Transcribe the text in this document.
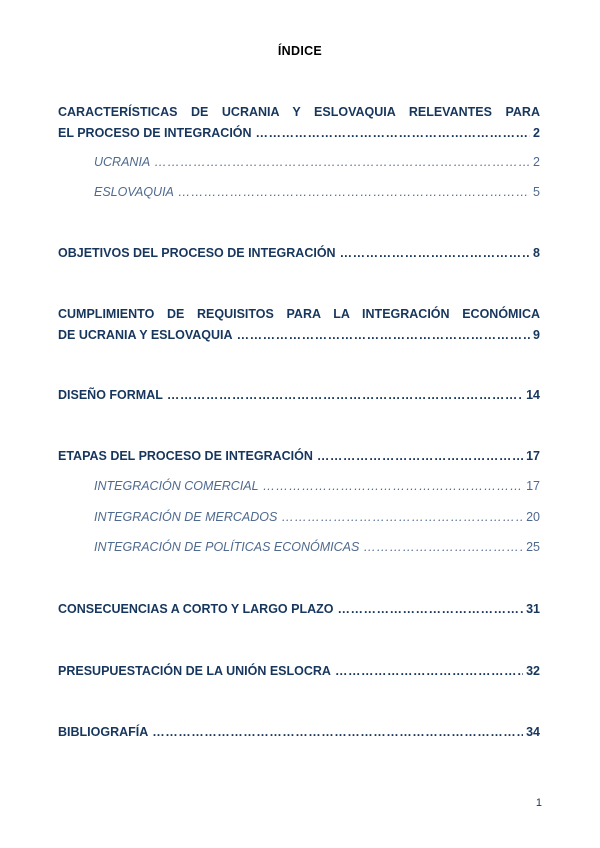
ÍNDICE
CARACTERÍSTICAS DE UCRANIA Y ESLOVAQUIA RELEVANTES PARA
EL PROCESO DE INTEGRACIÓN ……………………………………………………………………………………………………………………………………………………	2
UCRANIA ……………………………………………………………………………………………………………………………………………………	2
ESLOVAQUIA ……………………………………………………………………………………………………………………………………………………	5
OBJETIVOS DEL PROCESO DE INTEGRACIÓN ……………………………………………………………………………………………………………………………………………………	8
CUMPLIMIENTO DE REQUISITOS PARA LA INTEGRACIÓN ECONÓMICA
DE UCRANIA Y ESLOVAQUIA ……………………………………………………………………………………………………………………………………………………	9
DISEÑO FORMAL ……………………………………………………………………………………………………………………………………………………	14
ETAPAS DEL PROCESO DE INTEGRACIÓN ……………………………………………………………………………………………………………………………………………………	17
INTEGRACIÓN COMERCIAL ……………………………………………………………………………………………………………………………………………………	17
INTEGRACIÓN DE MERCADOS ……………………………………………………………………………………………………………………………………………………	20
INTEGRACIÓN DE POLÍTICAS ECONÓMICAS ……………………………………………………………………………………………………………………………………………………	25
CONSECUENCIAS A CORTO Y LARGO PLAZO ……………………………………………………………………………………………………………………………………………………	31
PRESUPUESTACIÓN DE LA UNIÓN ESLOCRA ……………………………………………………………………………………………………………………………………………………	32
BIBLIOGRAFÍA ……………………………………………………………………………………………………………………………………………………	34
1
